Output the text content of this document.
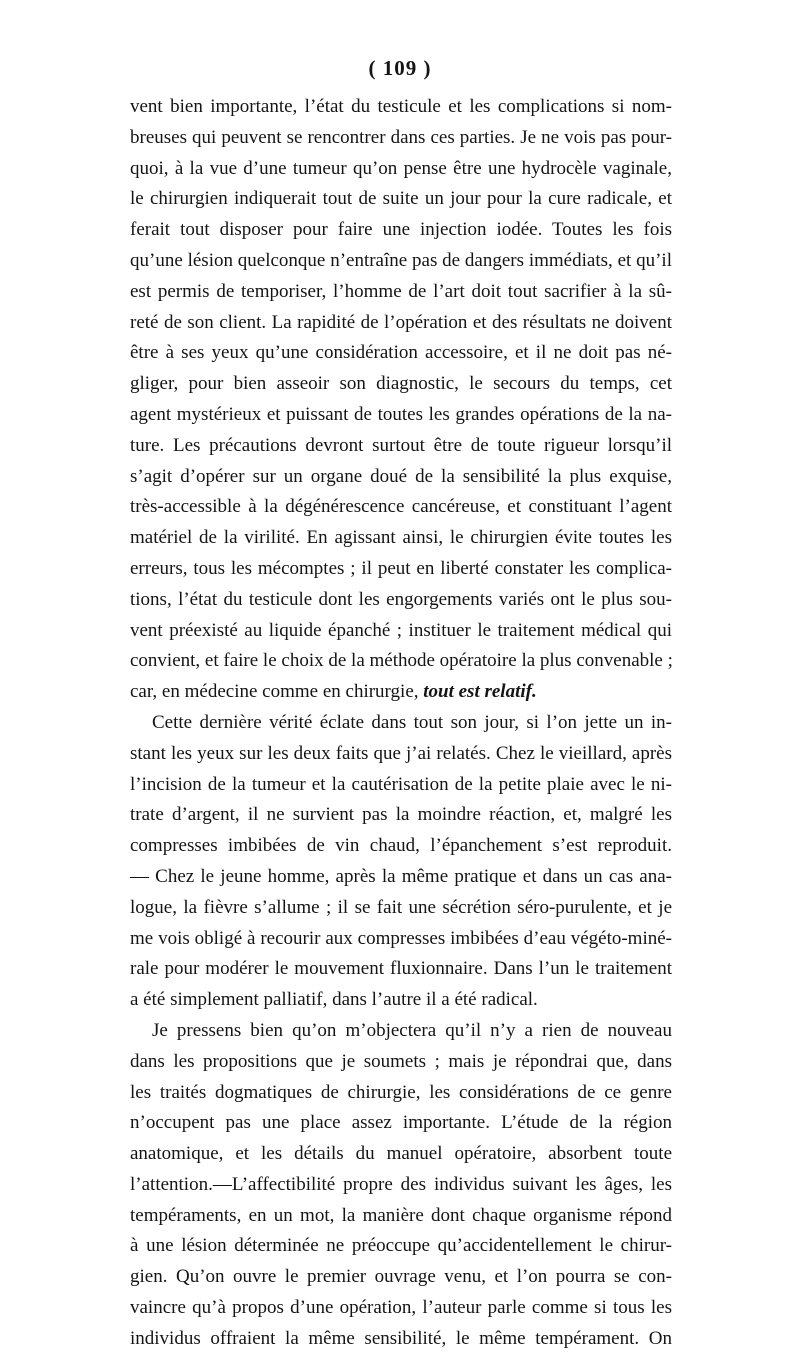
( 109 )
vent bien importante, l’état du testicule et les complications si nom-
breuses qui peuvent se rencontrer dans ces parties. Je ne vois pas pour-
quoi, à la vue d’une tumeur qu’on pense être une hydrocèle vaginale,
le chirurgien indiquerait tout de suite un jour pour la cure radicale, et
ferait tout disposer pour faire une injection iodée. Toutes les fois
qu’une lésion quelconque n’entraîne pas de dangers immédiats, et qu’il
est permis de temporiser, l’homme de l’art doit tout sacrifier à la sû-
reté de son client. La rapidité de l’opération et des résultats ne doivent
être à ses yeux qu’une considération accessoire, et il ne doit pas né-
gliger, pour bien asseoir son diagnostic, le secours du temps, cet
agent mystérieux et puissant de toutes les grandes opérations de la na-
ture. Les précautions devront surtout être de toute rigueur lorsqu’il
s’agit d’opérer sur un organe doué de la sensibilité la plus exquise,
très-accessible à la dégénérescence cancéreuse, et constituant l’agent
matériel de la virilité. En agissant ainsi, le chirurgien évite toutes les
erreurs, tous les mécomptes ; il peut en liberté constater les complica-
tions, l’état du testicule dont les engorgements variés ont le plus sou-
vent préexisté au liquide épanché ; instituer le traitement médical qui
convient, et faire le choix de la méthode opératoire la plus convenable ;
car, en médecine comme en chirurgie, tout est relatif.
Cette dernière vérité éclate dans tout son jour, si l’on jette un in-
stant les yeux sur les deux faits que j’ai relatés. Chez le vieillard, après
l’incision de la tumeur et la cautérisation de la petite plaie avec le ni-
trate d’argent, il ne survient pas la moindre réaction, et, malgré les
compresses imbibées de vin chaud, l’épanchement s’est reproduit.
— Chez le jeune homme, après la même pratique et dans un cas ana-
logue, la fièvre s’allume ; il se fait une sécrétion séro-purulente, et je
me vois obligé à recourir aux compresses imbibées d’eau végéto-miné-
rale pour modérer le mouvement fluxionnaire. Dans l’un le traitement
a été simplement palliatif, dans l’autre il a été radical.
Je pressens bien qu’on m’objectera qu’il n’y a rien de nouveau
dans les propositions que je soumets ; mais je répondrai que, dans
les traités dogmatiques de chirurgie, les considérations de ce genre
n’occupent pas une place assez importante. L’étude de la région
anatomique, et les détails du manuel opératoire, absorbent toute
l’attention.—L’affectibilité propre des individus suivant les âges, les
tempéraments, en un mot, la manière dont chaque organisme répond
à une lésion déterminée ne préoccupe qu’accidentellement le chirur-
gien. Qu’on ouvre le premier ouvrage venu, et l’on pourra se con-
vaincre qu’à propos d’une opération, l’auteur parle comme si tous les
individus offraient la même sensibilité, le même tempérament. On
